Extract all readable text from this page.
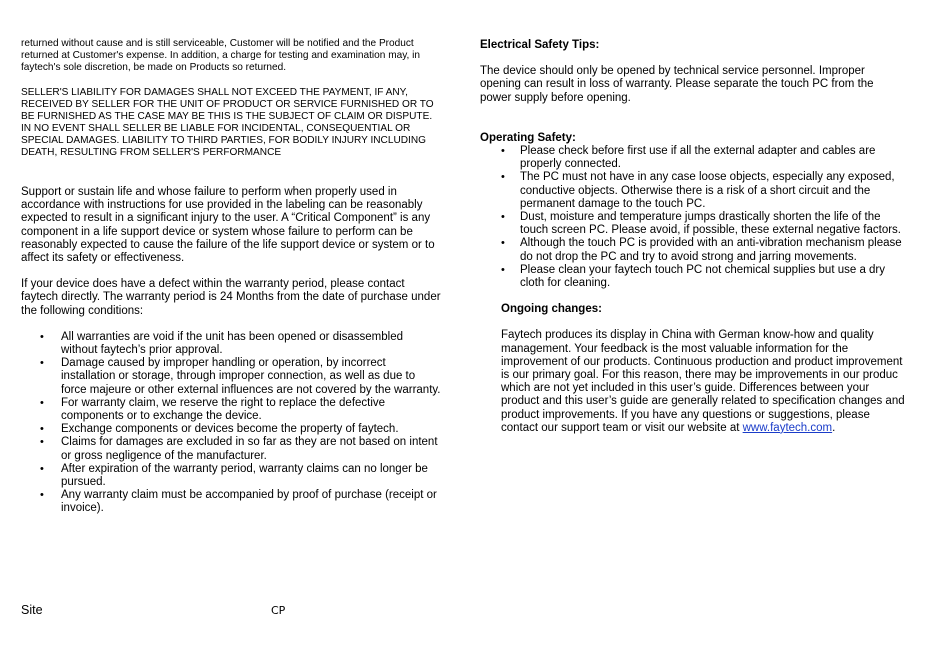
returned without cause and is still serviceable, Customer will be notified and the Product returned at Customer's expense. In addition, a charge for testing and examination may, in faytech's sole discretion, be made on Products so returned.

SELLER'S LIABILITY FOR DAMAGES SHALL NOT EXCEED THE PAYMENT, IF ANY, RECEIVED BY SELLER FOR THE UNIT OF PRODUCT OR SERVICE FURNISHED OR TO BE FURNISHED AS THE CASE MAY BE THIS IS THE SUBJECT OF CLAIM OR DISPUTE. IN NO EVENT SHALL SELLER BE LIABLE FOR INCIDENTAL, CONSEQUENTIAL OR SPECIAL DAMAGES. LIABILITY TO THIRD PARTIES, FOR BODILY INJURY INCLUDING DEATH, RESULTING FROM SELLER'S PERFORMANCE

Support or sustain life and whose failure to perform when properly used in accordance with instructions for use provided in the labeling can be reasonably expected to result in a significant injury to the user. A “Critical Component” is any component in a life support device or system whose failure to perform can be reasonably expected to cause the failure of the life support device or system or to affect its safety or effectiveness.

If your device does have a defect within the warranty period, please contact faytech directly. The warranty period is 24 Months from the date of purchase under the following conditions:

• All warranties are void if the unit has been opened or disassembled without faytech’s prior approval.
• Damage caused by improper handling or operation, by incorrect installation or storage, through improper connection, as well as due to force majeure or other external influences are not covered by the warranty.
• For warranty claim, we reserve the right to replace the defective components or to exchange the device.
• Exchange components or devices become the property of faytech.
• Claims for damages are excluded in so far as they are not based on intent or gross negligence of the manufacturer.
• After expiration of the warranty period, warranty claims can no longer be pursued.
• Any warranty claim must be accompanied by proof of purchase (receipt or invoice).

Electrical Safety Tips:

The device should only be opened by technical service personnel. Improper opening can result in loss of warranty. Please separate the touch PC from the power supply before opening.

Operating Safety:

• Please check before first use if all the external adapter and cables are properly connected.
• The PC must not have in any case loose objects, especially any exposed, conductive objects. Otherwise there is a risk of a short circuit and the permanent damage to the touch PC.
• Dust, moisture and temperature jumps drastically shorten the life of the touch screen PC. Please avoid, if possible, these external negative factors.
• Although the touch PC is provided with an anti-vibration mechanism please do not drop the PC and try to avoid strong and jarring movements.
• Please clean your faytech touch PC not chemical supplies but use a dry cloth for cleaning.

Ongoing changes:

Faytech produces its display in China with German know-how and quality management. Your feedback is the most valuable information for the improvement of our products. Continuous production and product improvement is our primary goal. For this reason, there may be improvements in our produc which are not yet included in this user’s guide. Differences between your product and this user’s guide are generally related to specification changes and product improvements. If you have any questions or suggestions, please contact our support team or visit our website at www.faytech.com.

Site	CP
